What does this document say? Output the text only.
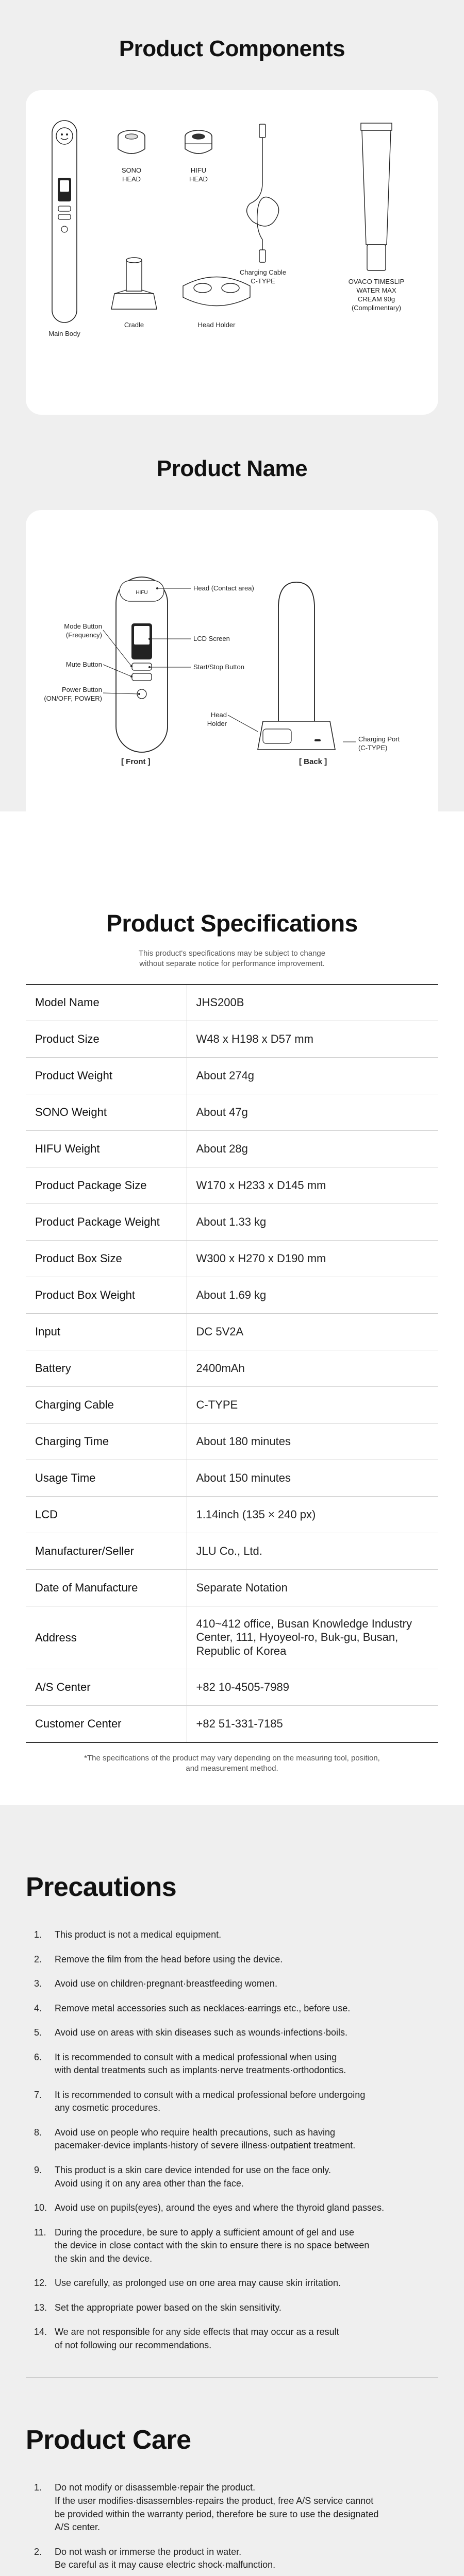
Product Components
Main Body
SONO
HEAD
HIFU
HEAD
Charging Cable
C-TYPE	OVACO TIMESLIP
WATER MAX
CREAM 90g
(Complimentary)
Cradle	Head Holder
Product Name
HIFU
Head (Contact area)
LCD Screen
Start/Stop Button
Mode Button
(Frequency)
Mute Button
Power Button
(ON/OFF, POWER)
[ Front ]
Head
Holder
Charging Port
(C-TYPE)
[ Back ]
Product Specifications

This product's specifications may be subject to change
without separate notice for performance improvement.

Model Name	JHS200B
Product Size	W48 x H198 x D57 mm
Product Weight	About 274g
SONO Weight	About 47g
HIFU Weight	About 28g
Product Package Size	W170 x H233 x D145 mm
Product Package Weight	About 1.33 kg
Product Box Size	W300 x H270 x D190 mm
Product Box Weight	About 1.69 kg
Input	DC 5V2A
Battery	2400mAh
Charging Cable	C-TYPE
Charging Time	About 180 minutes
Usage Time	About 150 minutes
LCD	1.14inch (135 × 240 px)
Manufacturer/Seller	JLU Co., Ltd.
Date of Manufacture	Separate Notation
Address	410~412 office, Busan Knowledge Industry Center, 111, Hyoyeol-ro, Buk-gu, Busan, Republic of Korea
A/S Center	+82 10-4505-7989
Customer Center	+82 51-331-7185

*The specifications of the product may vary depending on the measuring tool, position,
and measurement method.

Precautions
1.	This product is not a medical equipment.
2.	Remove the film from the head before using the device.
3.	Avoid use on children·pregnant·breastfeeding women.
4.	Remove metal accessories such as necklaces·earrings etc., before use.
5.	Avoid use on areas with skin diseases such as wounds·infections·boils.
6.	It is recommended to consult with a medical professional when using
with dental treatments such as implants·nerve treatments·orthodontics.
7.	It is recommended to consult with a medical professional before undergoing
any cosmetic procedures.
8.	Avoid use on people who require health precautions, such as having
pacemaker·device implants·history of severe illness·outpatient treatment.
9.	This product is a skin care device intended for use on the face only.
Avoid using it on any area other than the face.
10. Avoid use on pupils(eyes), around the eyes and where the thyroid gland passes.
11. During the procedure, be sure to apply a sufficient amount of gel and use
the device in close contact with the skin to ensure there is no space between
the skin and the device.
12. Use carefully, as prolonged use on one area may cause skin irritation.
13. Set the appropriate power based on the skin sensitivity.
14. We are not responsible for any side effects that may occur as a result
of not following our recommendations.
Product Care
1.	Do not modify or disassemble·repair the product.
If the user modifies·disassembles·repairs the product, free A/S service cannot
be provided within the warranty period, therefore be sure to use the designated
A/S center.
2.	Do not wash or immerse the product in water.
Be careful as it may cause electric shock·malfunction.
